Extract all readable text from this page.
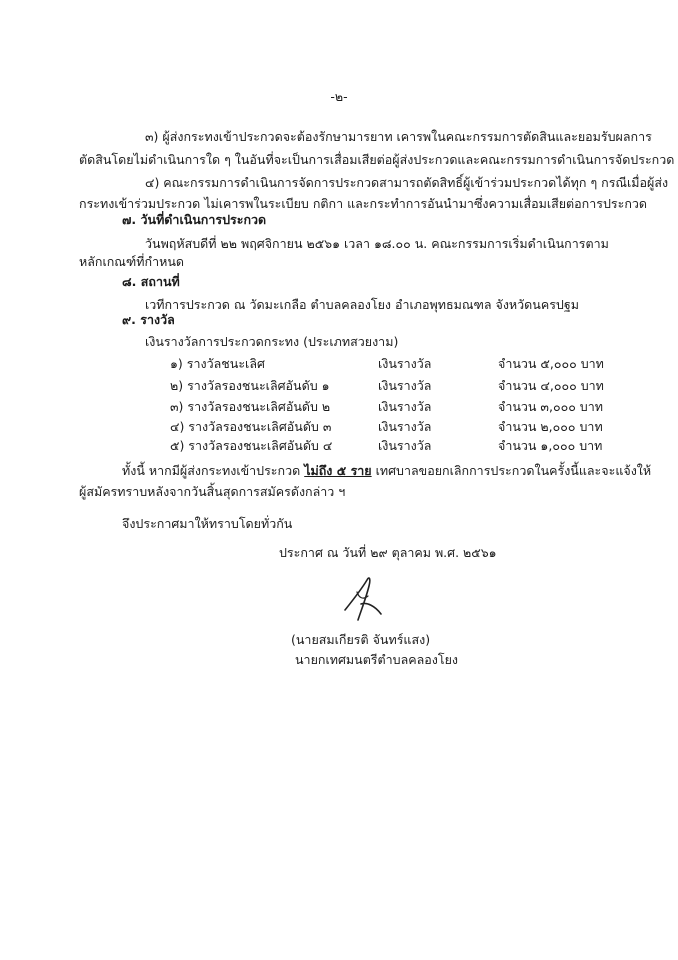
-๒-
๓) ผู้ส่งกระทงเข้าประกวดจะต้องรักษามารยาท เคารพในคณะกรรมการตัดสินและยอมรับผลการ
ตัดสินโดยไม่ดำเนินการใด ๆ ในอันที่จะเป็นการเสื่อมเสียต่อผู้ส่งประกวดและคณะกรรมการดำเนินการจัดประกวด
๔) คณะกรรมการดำเนินการจัดการประกวดสามารถตัดสิทธิ์ผู้เข้าร่วมประกวดได้ทุก ๆ กรณีเมื่อผู้ส่ง
กระทงเข้าร่วมประกวด ไม่เคารพในระเบียบ กติกา และกระทำการอันนำมาซึ่งความเสื่อมเสียต่อการประกวด
๗. วันที่ดำเนินการประกวด
วันพฤหัสบดีที่ ๒๒ พฤศจิกายน ๒๕๖๑ เวลา ๑๘.๐๐ น. คณะกรรมการเริ่มดำเนินการตาม
หลักเกณฑ์ที่กำหนด
๘. สถานที่
เวทีการประกวด ณ วัดมะเกลือ ตำบลคลองโยง อำเภอพุทธมณฑล จังหวัดนครปฐม
๙. รางวัล
เงินรางวัลการประกวดกระทง (ประเภทสวยงาม)
๑) รางวัลชนะเลิศ	เงินรางวัล	จำนวน ๕,๐๐๐ บาท
๒) รางวัลรองชนะเลิศอันดับ ๑	เงินรางวัล	จำนวน ๔,๐๐๐ บาท
๓) รางวัลรองชนะเลิศอันดับ ๒	เงินรางวัล	จำนวน ๓,๐๐๐ บาท
๔) รางวัลรองชนะเลิศอันดับ ๓	เงินรางวัล	จำนวน ๒,๐๐๐ บาท
๕) รางวัลรองชนะเลิศอันดับ ๔	เงินรางวัล	จำนวน ๑,๐๐๐ บาท
ทั้งนี้ หากมีผู้ส่งกระทงเข้าประกวด ไม่ถึง ๕ ราย เทศบาลขอยกเลิกการประกวดในครั้งนี้และจะแจ้งให้
ผู้สมัครทราบหลังจากวันสิ้นสุดการสมัครดังกล่าว ฯ
จึงประกาศมาให้ทราบโดยทั่วกัน
ประกาศ ณ วันที่ ๒๙ ตุลาคม พ.ศ. ๒๕๖๑
(นายสมเกียรติ จันทร์แสง)
นายกเทศมนตรีตำบลคลองโยง
